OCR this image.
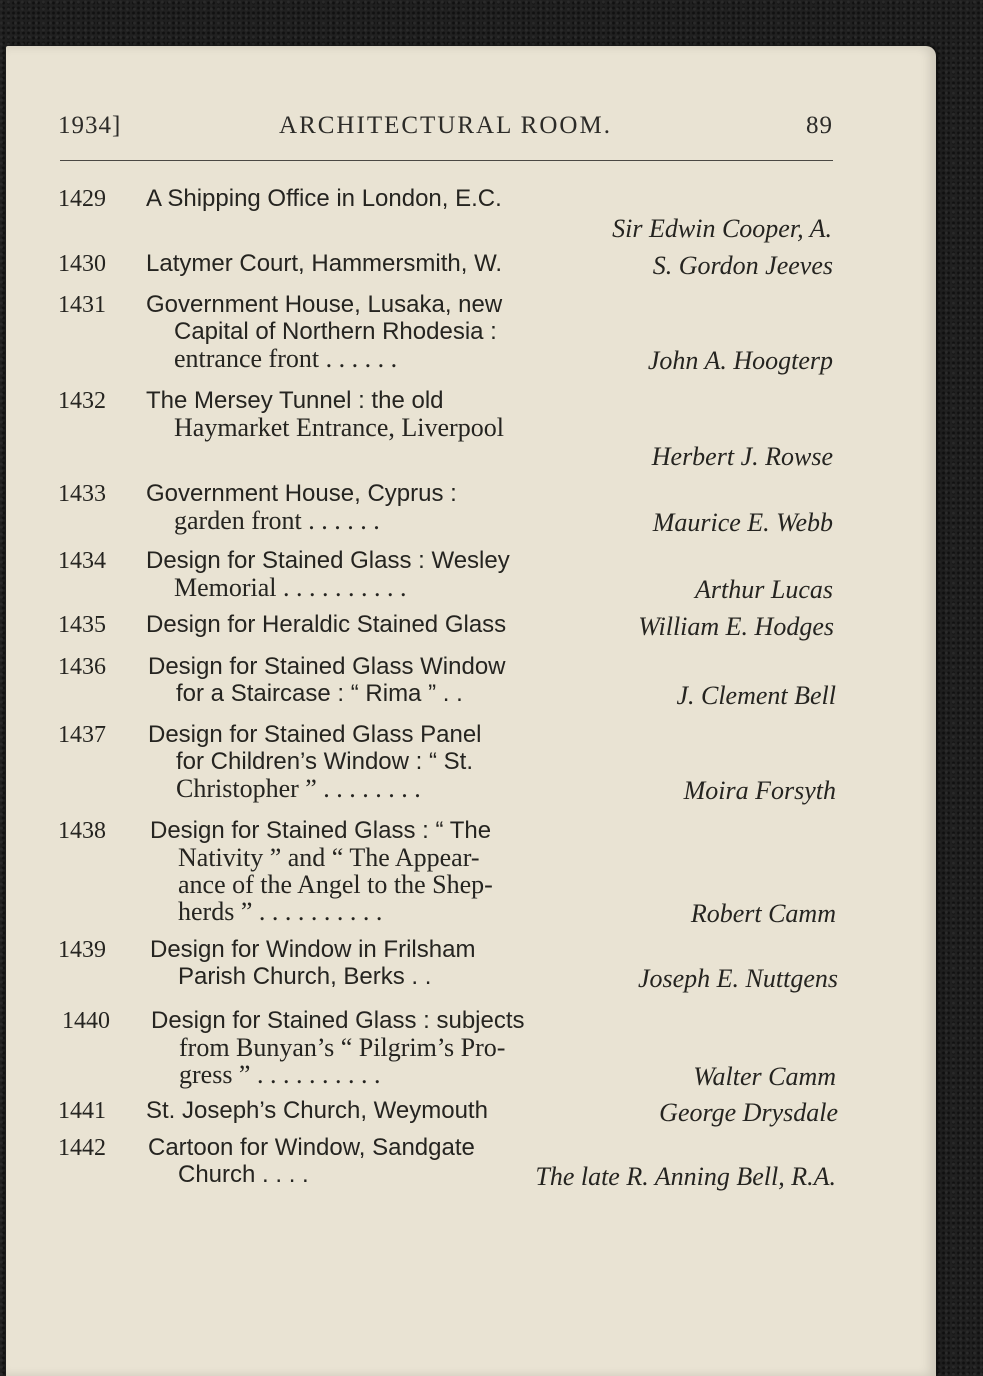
1934]	ARCHITECTURAL ROOM.	89
1429 A Shipping Office in London, E.C.
Sir Edwin Cooper, A.
1430 Latymer Court, Hammersmith, W.	S. Gordon Jeeves
1431 Government House, Lusaka, new
Capital of Northern Rhodesia :
entrance front . . . . . .	John A. Hoogterp
1432 The Mersey Tunnel : the old
Haymarket Entrance, Liverpool
Herbert J. Rowse
1433 Government House, Cyprus :
garden front . . . . . .	Maurice E. Webb
1434 Design for Stained Glass : Wesley
Memorial . . . . . . . . . .	Arthur Lucas
1435 Design for Heraldic Stained Glass	William E. Hodges
1436 Design for Stained Glass Window
for a Staircase : “ Rima ” . .	J. Clement Bell
1437 Design for Stained Glass Panel
for Children’s Window : “ St.
Christopher ” . . . . . . . .	Moira Forsyth
1438 Design for Stained Glass : “ The
Nativity ” and “ The Appear-
ance of the Angel to the Shep-
herds ” . . . . . . . . . .	Robert Camm
1439 Design for Window in Frilsham
Parish Church, Berks . .	Joseph E. Nuttgens
1440 Design for Stained Glass : subjects
from Bunyan’s “ Pilgrim’s Pro-
gress ” . . . . . . . . . .	Walter Camm
1441 St. Joseph’s Church, Weymouth	George Drysdale
1442 Cartoon for Window, Sandgate
Church . . . .	The late R. Anning Bell, R.A.
